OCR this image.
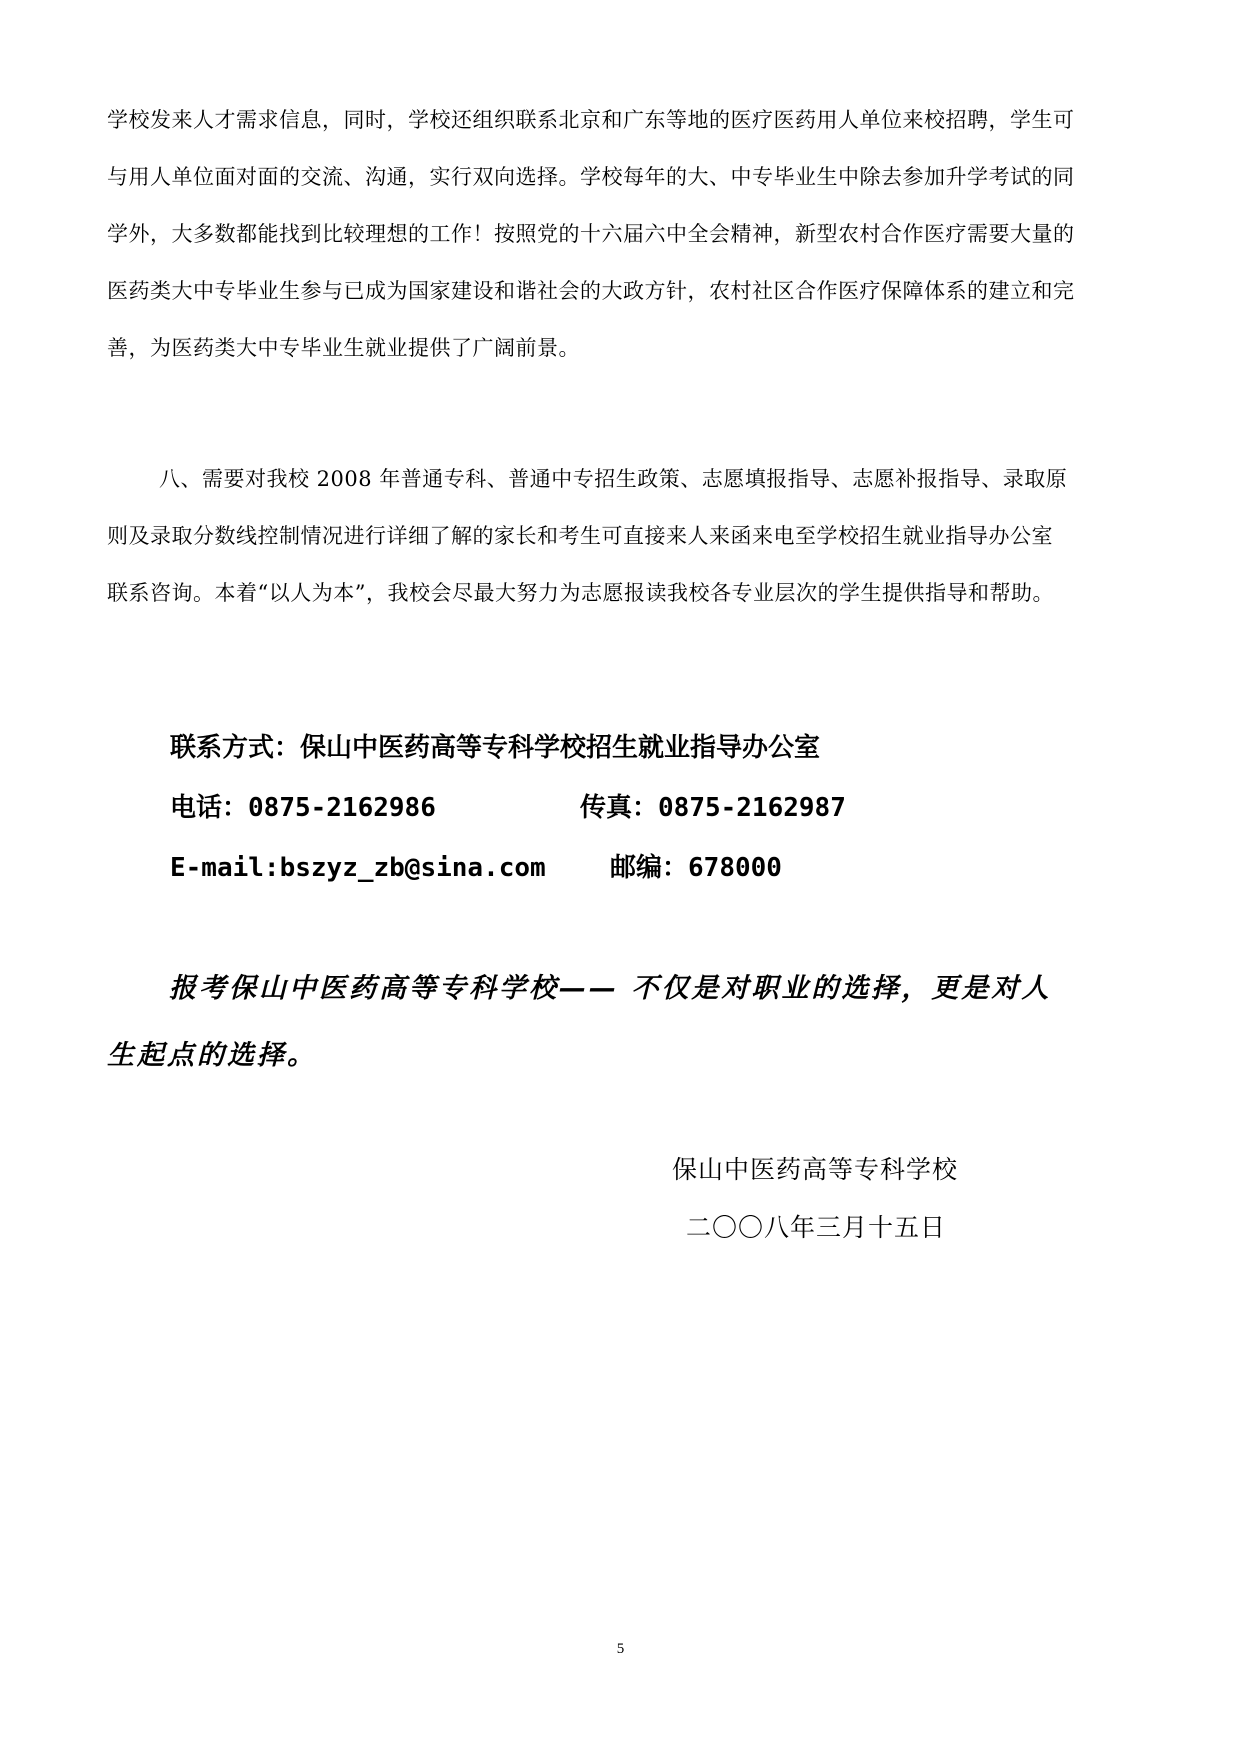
学校发来人才需求信息，同时，学校还组织联系北京和广东等地的医疗医药用人单位来校招聘，学生可
与用人单位面对面的交流、沟通，实行双向选择。学校每年的大、中专毕业生中除去参加升学考试的同
学外，大多数都能找到比较理想的工作！按照党的十六届六中全会精神，新型农村合作医疗需要大量的
医药类大中专毕业生参与已成为国家建设和谐社会的大政方针，农村社区合作医疗保障体系的建立和完
善，为医药类大中专毕业生就业提供了广阔前景。
八、需要对我校 2008 年普通专科、普通中专招生政策、志愿填报指导、志愿补报指导、录取原
则及录取分数线控制情况进行详细了解的家长和考生可直接来人来函来电至学校招生就业指导办公室
联系咨询。本着“以人为本”，我校会尽最大努力为志愿报读我校各专业层次的学生提供指导和帮助。
联系方式：保山中医药高等专科学校招生就业指导办公室
电话：0875-2162986	传真：0875-2162987
E-mail:bszyz_zb@sina.com 邮编：678000
报考保山中医药高等专科学校—— 不仅是对职业的选择，更是对人
生起点的选择。
保山中医药高等专科学校
二〇〇八年三月十五日
5
